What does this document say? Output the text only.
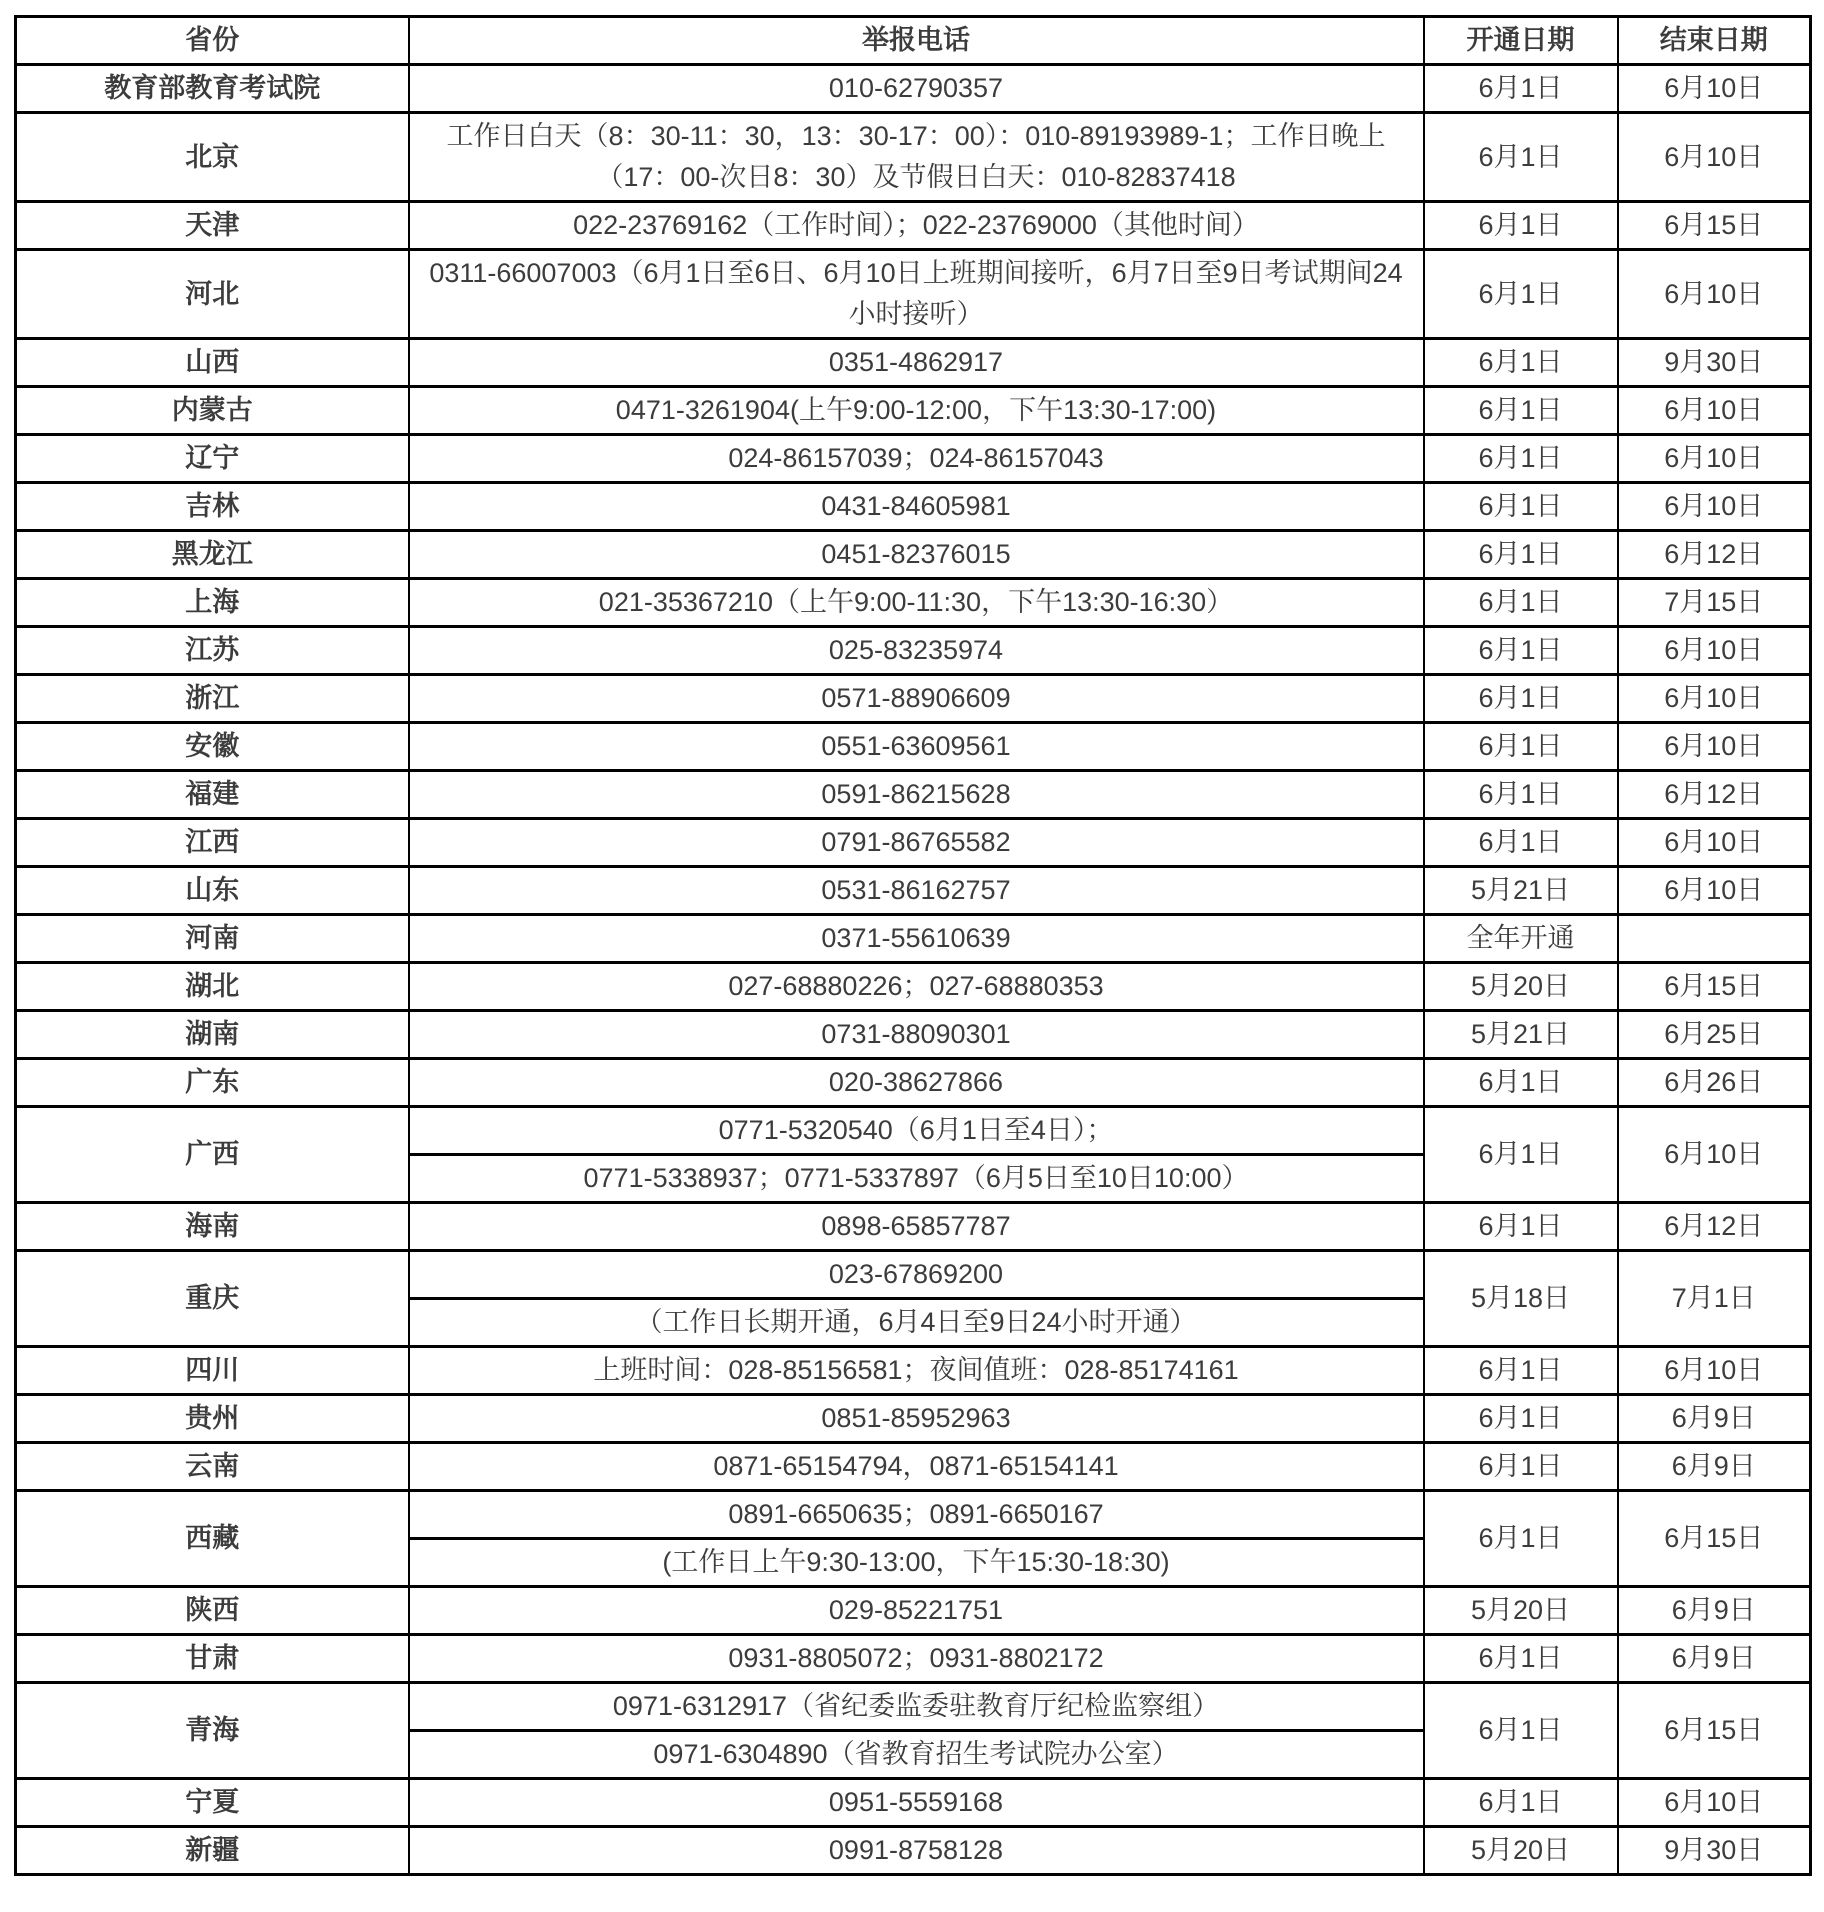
省份	举报电话	开通日期	结束日期
教育部教育考试院	010-62790357	6月1日	6月10日
北京	工作日白天（8：30-11：30，13：30-17：00）：010-89193989-1；工作日晚上（17：00-次日8：30）及节假日白天：010-82837418	6月1日	6月10日
天津	022-23769162（工作时间）；022-23769000（其他时间）	6月1日	6月15日
河北	0311-66007003（6月1日至6日、6月10日上班期间接听，6月7日至9日考试期间24小时接听）	6月1日	6月10日
山西	0351-4862917	6月1日	9月30日
内蒙古	0471-3261904(上午9:00-12:00，下午13:30-17:00)	6月1日	6月10日
辽宁	024-86157039；024-86157043	6月1日	6月10日
吉林	0431-84605981	6月1日	6月10日
黑龙江	0451-82376015	6月1日	6月12日
上海	021-35367210（上午9:00-11:30，下午13:30-16:30）	6月1日	7月15日
江苏	025-83235974	6月1日	6月10日
浙江	0571-88906609	6月1日	6月10日
安徽	0551-63609561	6月1日	6月10日
福建	0591-86215628	6月1日	6月12日
江西	0791-86765582	6月1日	6月10日
山东	0531-86162757	5月21日	6月10日
河南	0371-55610639	全年开通	
湖北	027-68880226；027-68880353	5月20日	6月15日
湖南	0731-88090301	5月21日	6月25日
广东	020-38627866	6月1日	6月26日
广西	0771-5320540（6月1日至4日）；	6月1日	6月10日
	0771-5338937；0771-5337897（6月5日至10日10:00）		
海南	0898-65857787	6月1日	6月12日
重庆	023-67869200	5月18日	7月1日
	（工作日长期开通，6月4日至9日24小时开通）		
四川	上班时间：028-85156581；夜间值班：028-85174161	6月1日	6月10日
贵州	0851-85952963	6月1日	6月9日
云南	0871-65154794，0871-65154141	6月1日	6月9日
西藏	0891-6650635；0891-6650167	6月1日	6月15日
	(工作日上午9:30-13:00，下午15:30-18:30)		
陕西	029-85221751	5月20日	6月9日
甘肃	0931-8805072；0931-8802172	6月1日	6月9日
青海	0971-6312917（省纪委监委驻教育厅纪检监察组）	6月1日	6月15日
	0971-6304890（省教育招生考试院办公室）		
宁夏	0951-5559168	6月1日	6月10日
新疆	0991-8758128	5月20日	9月30日
